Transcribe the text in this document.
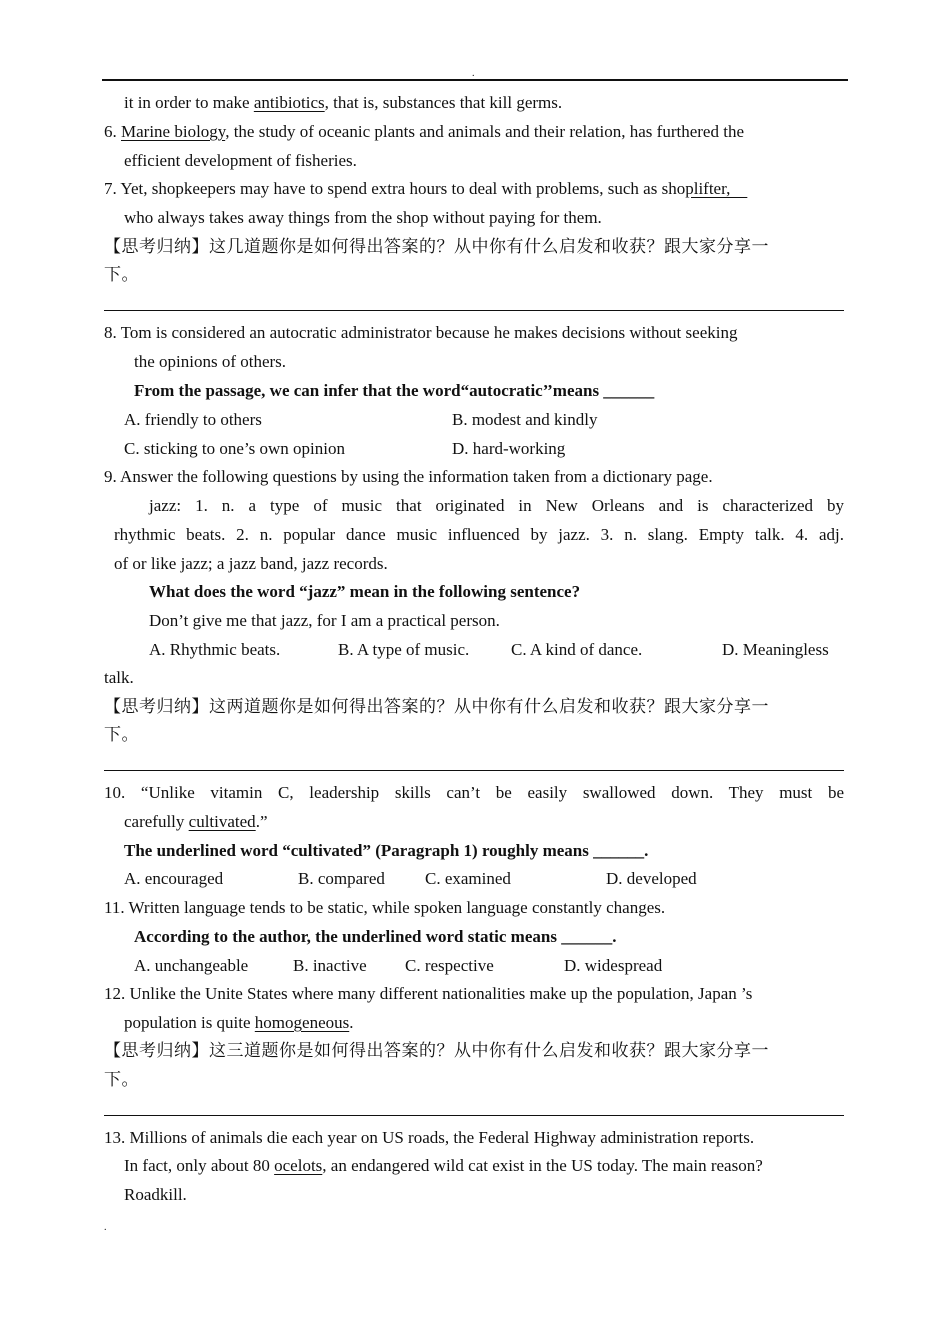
.
it in order to make antibiotics, that is, substances that kill germs.
6. Marine biology, the study of oceanic plants and animals and their relation, has furthered the
efficient development of fisheries.
7. Yet, shopkeepers may have to spend extra hours to deal with problems, such as shoplifter,
who always takes away things from the shop without paying for them.
【思考归纳】这几道题你是如何得出答案的？从中你有什么启发和收获？跟大家分享一
下。
8. Tom is considered an autocratic administrator because he makes decisions without seeking
the opinions of others.
From the passage, we can infer that the word“autocratic’’means ______
A. friendly to others	B. modest and kindly
C. sticking to one’s own opinion	D. hard-working
9. Answer the following questions by using the information taken from a dictionary page.
jazz: 1. n. a type of music that originated in New Orleans and is characterized by
rhythmic beats. 2. n. popular dance music influenced by jazz. 3. n. slang. Empty talk. 4. adj.
of or like jazz; a jazz band, jazz records.
What does the word “jazz” mean in the following sentence?
Don’t give me that jazz, for I am a practical person.
A. Rhythmic beats.	B. A type of music. C. A kind of dance.	D. Meaningless
talk.
【思考归纳】这两道题你是如何得出答案的？从中你有什么启发和收获？跟大家分享一
下。
10. “Unlike vitamin C, leadership skills can’t be easily swallowed down. They must be
carefully cultivated.”
The underlined word “cultivated” (Paragraph 1) roughly means ______.
A. encouraged	B. compared C. examined	D. developed
11. Written language tends to be static, while spoken language constantly changes.
According to the author, the underlined word static means ______.
A. unchangeable	B. inactive C. respective	D. widespread
12. Unlike the Unite States where many different nationalities make up the population, Japan ’s
population is quite homogeneous.
【思考归纳】这三道题你是如何得出答案的？从中你有什么启发和收获？跟大家分享一
下。
13. Millions of animals die each year on US roads, the Federal Highway administration reports.
In fact, only about 80 ocelots, an endangered wild cat exist in the US today. The main reason?
Roadkill.
.
